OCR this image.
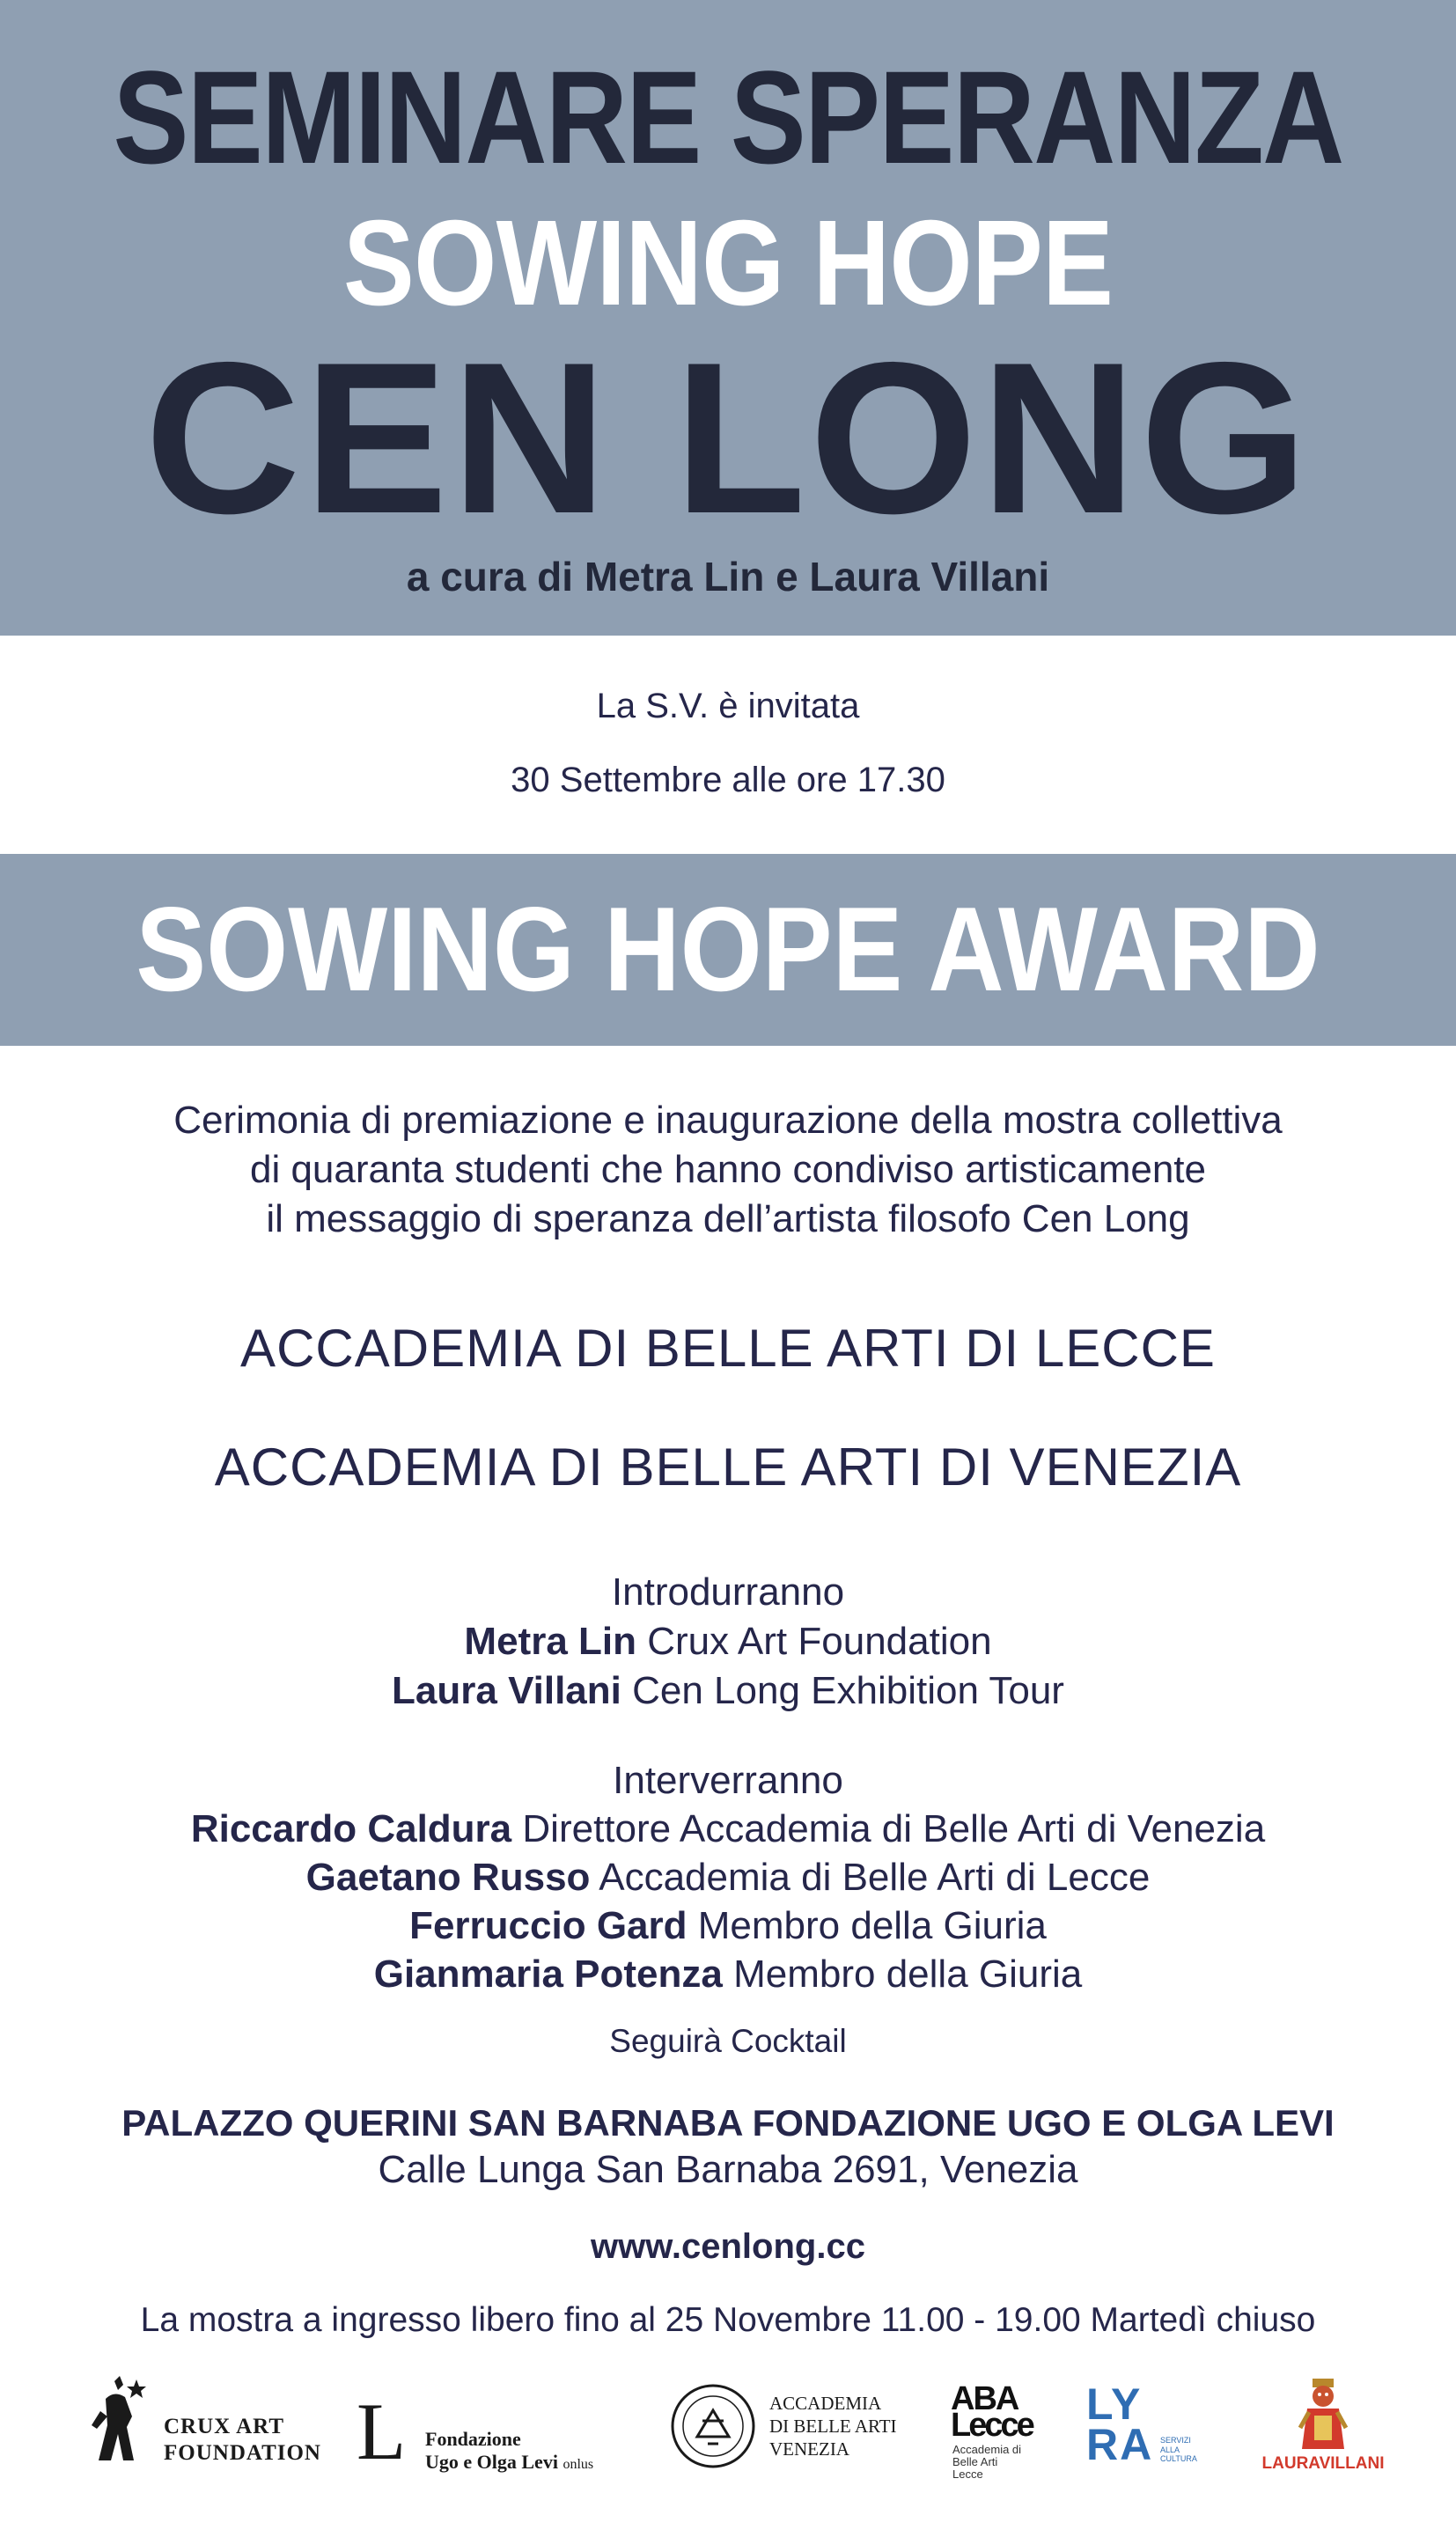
SEMINARE SPERANZA
SOWING HOPE
CEN LONG
a cura di Metra Lin e Laura Villani
La S.V. è invitata
30 Settembre alle ore 17.30
SOWING HOPE AWARD
Cerimonia di premiazione e inaugurazione della mostra collettiva
di quaranta studenti che hanno condiviso artisticamente
il messaggio di speranza dell’artista filosofo Cen Long
ACCADEMIA DI BELLE ARTI DI LECCE
ACCADEMIA DI BELLE ARTI DI VENEZIA
Introdurranno
Metra Lin Crux Art Foundation
Laura Villani Cen Long Exhibition Tour
Interverranno
Riccardo Caldura Direttore Accademia di Belle Arti di Venezia
Gaetano Russo Accademia di Belle Arti di Lecce
Ferruccio Gard Membro della Giuria
Gianmaria Potenza Membro della Giuria
Seguirà Cocktail
PALAZZO QUERINI SAN BARNABA FONDAZIONE UGO E OLGA LEVI
Calle Lunga San Barnaba 2691, Venezia
www.cenlong.cc
La mostra a ingresso libero fino al 25 Novembre 11.00 - 19.00 Martedì chiuso
CRUX ART
FOUNDATION L Fondazione
Ugo e Olga Levi onlus
ACCADEMIA
DI BELLE ARTI
VENEZIA
ABA
Lecce
Accademia di
Belle Arti
Lecce
LY
RA SERVIZI
ALLA CULTURA	LAURAVILLANI
